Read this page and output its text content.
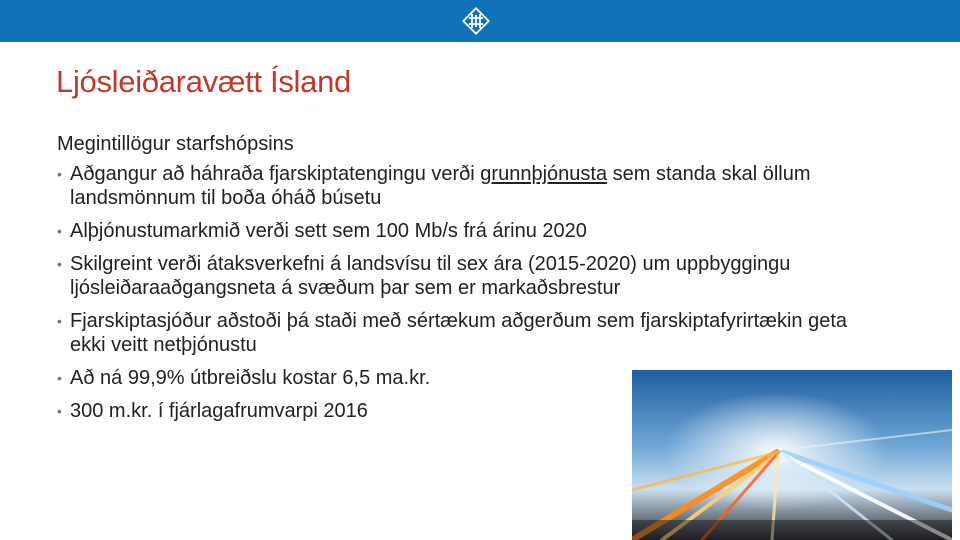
Ljósleiðaravætt Ísland
Megintillögur starfshópsins
• Aðgangur að háhraða fjarskiptatengingu verði grunnþjónusta sem standa skal öllum landsmönnum til boða óháð búsetu
• Alþjónustumarkmið verði sett sem 100 Mb/s frá árinu 2020
• Skilgreint verði átaksverkefni á landsvísu til sex ára (2015-2020) um uppbyggingu ljósleiðaraaðgangsneta á svæðum þar sem er markaðsbrestur
• Fjarskiptasjóður aðstoði þá staði með sértækum aðgerðum sem fjarskiptafyrirtækin geta ekki veitt netþjónustu
• Að ná 99,9% útbreiðslu kostar 6,5 ma.kr.
• 300 m.kr. í fjárlagafrumvarpi 2016
